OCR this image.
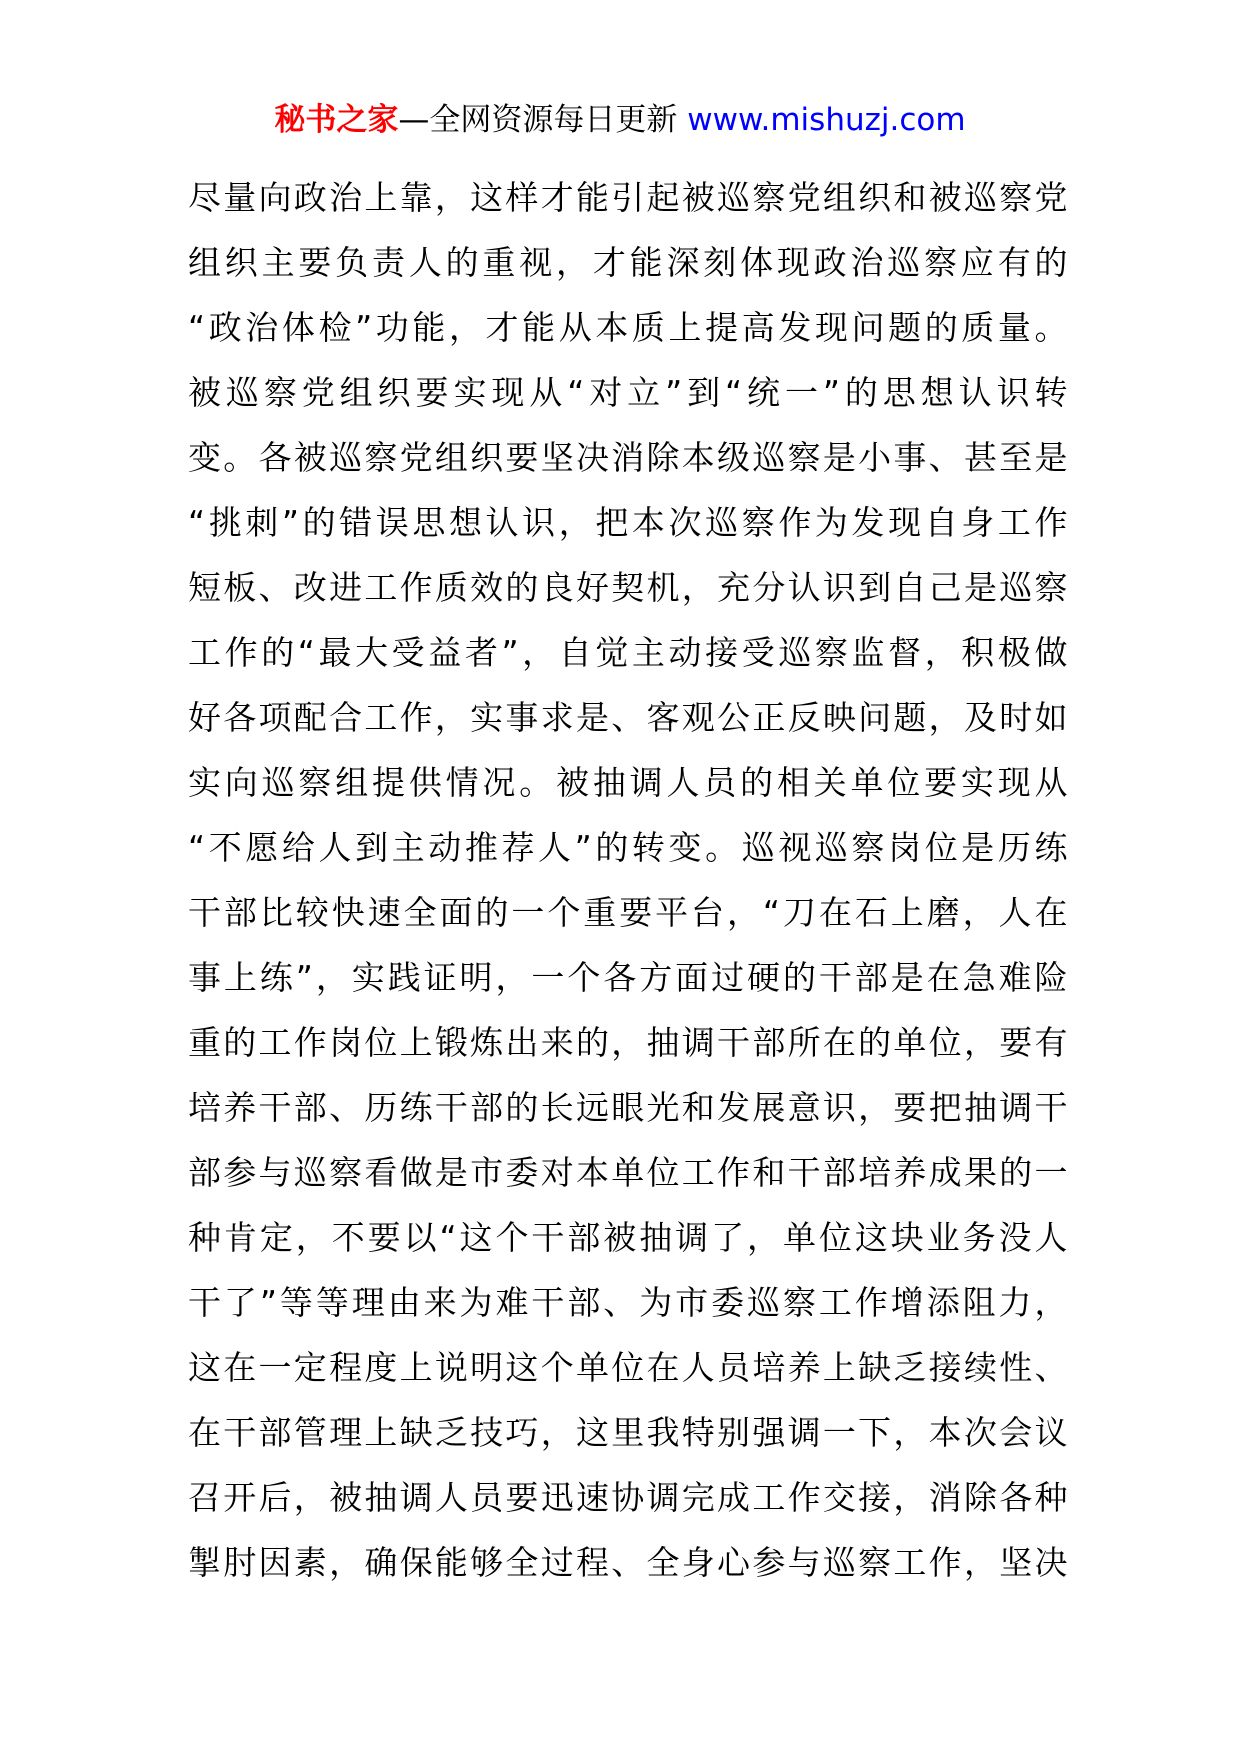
秘书之家—全网资源每日更新 www.mishuzj.com
尽量向政治上靠，这样才能引起被巡察党组织和被巡察党
组织主要负责人的重视，才能深刻体现政治巡察应有的
“政治体检”功能，才能从本质上提高发现问题的质量。
被巡察党组织要实现从“对立”到“统一”的思想认识转
变。各被巡察党组织要坚决消除本级巡察是小事、甚至是
“挑刺”的错误思想认识，把本次巡察作为发现自身工作
短板、改进工作质效的良好契机，充分认识到自己是巡察
工作的“最大受益者”，自觉主动接受巡察监督，积极做
好各项配合工作，实事求是、客观公正反映问题，及时如
实向巡察组提供情况。被抽调人员的相关单位要实现从
“不愿给人到主动推荐人”的转变。巡视巡察岗位是历练
干部比较快速全面的一个重要平台，“刀在石上磨，人在
事上练”，实践证明，一个各方面过硬的干部是在急难险
重的工作岗位上锻炼出来的，抽调干部所在的单位，要有
培养干部、历练干部的长远眼光和发展意识，要把抽调干
部参与巡察看做是市委对本单位工作和干部培养成果的一
种肯定，不要以“这个干部被抽调了，单位这块业务没人
干了”等等理由来为难干部、为市委巡察工作增添阻力，
这在一定程度上说明这个单位在人员培养上缺乏接续性、
在干部管理上缺乏技巧，这里我特别强调一下，本次会议
召开后，被抽调人员要迅速协调完成工作交接，消除各种
掣肘因素，确保能够全过程、全身心参与巡察工作，坚决
